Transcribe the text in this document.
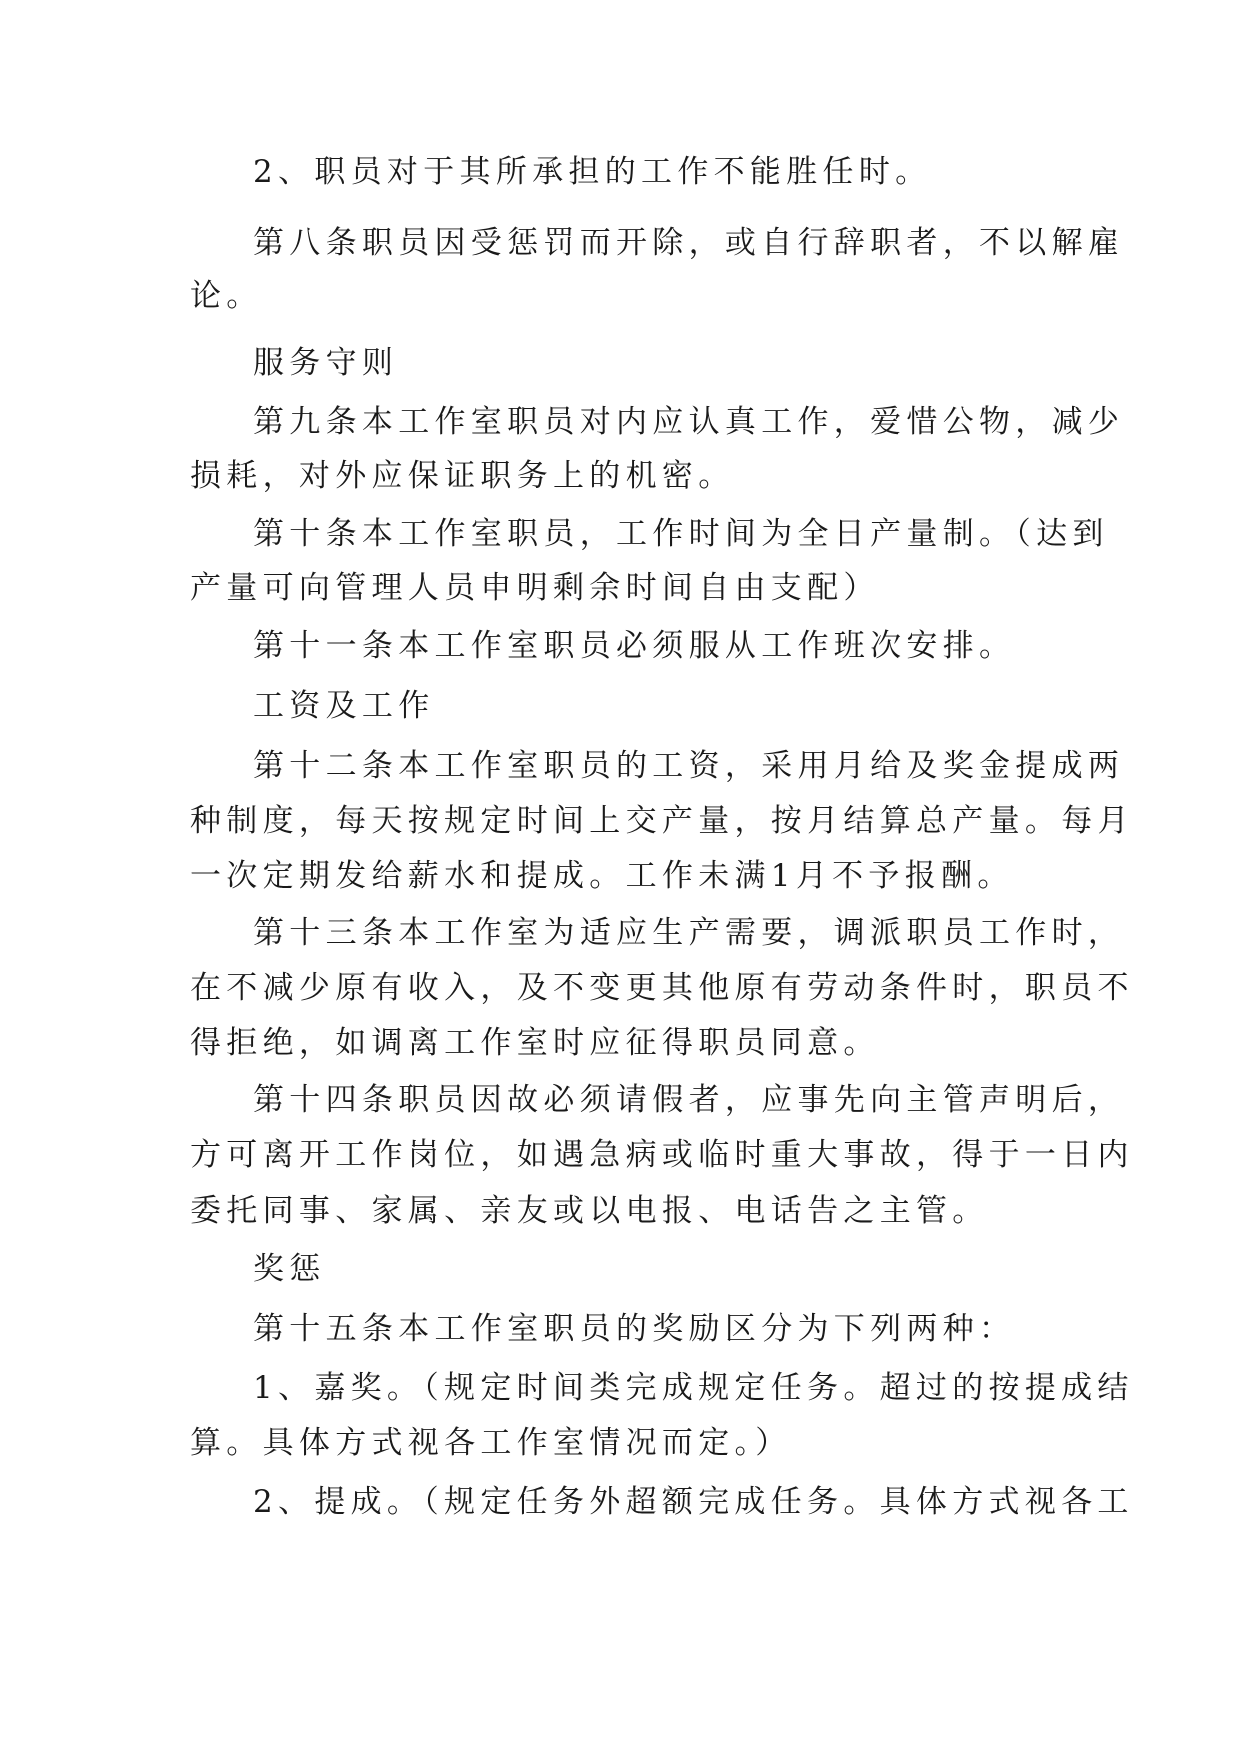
2、职员对于其所承担的工作不能胜任时。

第八条职员因受惩罚而开除，或自行辞职者，不以解雇

论。

服务守则

第九条本工作室职员对内应认真工作，爱惜公物，减少

损耗，对外应保证职务上的机密。

第十条本工作室职员，工作时间为全日产量制。（达到

产量可向管理人员申明剩余时间自由支配）

第十一条本工作室职员必须服从工作班次安排。

工资及工作

第十二条本工作室职员的工资，采用月给及奖金提成两

种制度，每天按规定时间上交产量，按月结算总产量。每月

一次定期发给薪水和提成。工作未满1月不予报酬。

第十三条本工作室为适应生产需要，调派职员工作时，

在不减少原有收入，及不变更其他原有劳动条件时，职员不

得拒绝，如调离工作室时应征得职员同意。

第十四条职员因故必须请假者，应事先向主管声明后，

方可离开工作岗位，如遇急病或临时重大事故，得于一日内

委托同事、家属、亲友或以电报、电话告之主管。

奖惩

第十五条本工作室职员的奖励区分为下列两种：

1、嘉奖。（规定时间类完成规定任务。超过的按提成结

算。具体方式视各工作室情况而定。）

2、提成。（规定任务外超额完成任务。具体方式视各工
